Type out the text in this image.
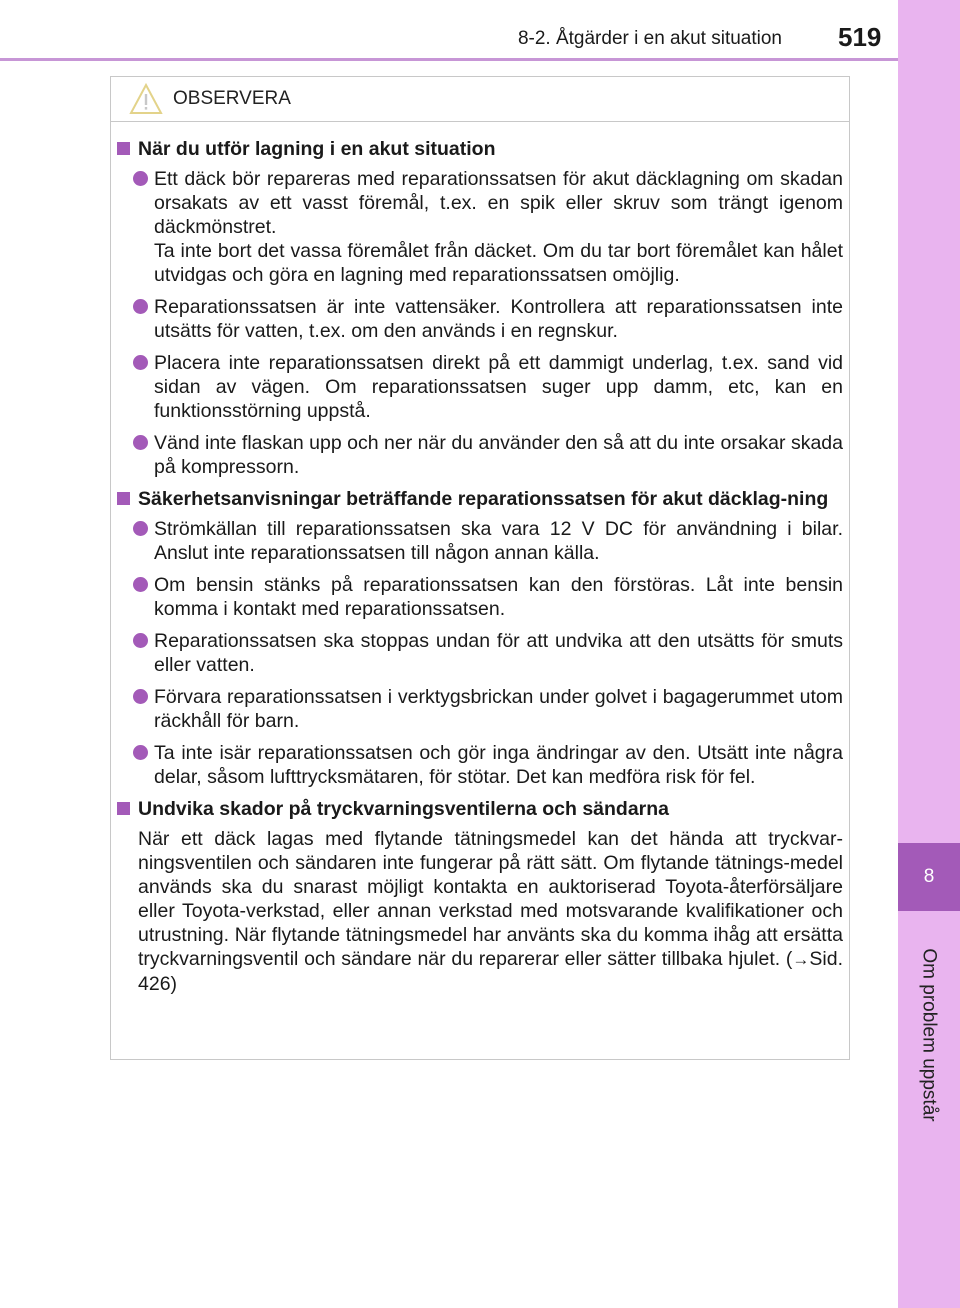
8-2. Åtgärder i en akut situation 519
8
Om problem uppstår
OBSERVERA
När du utför lagning i en akut situation
Ett däck bör repareras med reparationssatsen för akut däcklagning om skadan orsakats av ett vasst föremål, t.ex. en spik eller skruv som trängt igenom däckmönstret.
Ta inte bort det vassa föremålet från däcket. Om du tar bort föremålet kan hålet utvidgas och göra en lagning med reparationssatsen omöjlig.
Reparationssatsen är inte vattensäker. Kontrollera att reparationssatsen inte utsätts för vatten, t.ex. om den används i en regnskur.
Placera inte reparationssatsen direkt på ett dammigt underlag, t.ex. sand vid sidan av vägen. Om reparationssatsen suger upp damm, etc, kan en funktionsstörning uppstå.
Vänd inte flaskan upp och ner när du använder den så att du inte orsakar skada på kompressorn.
Säkerhetsanvisningar beträffande reparationssatsen för akut däcklag-ning
Strömkällan till reparationssatsen ska vara 12 V DC för användning i bilar. Anslut inte reparationssatsen till någon annan källa.
Om bensin stänks på reparationssatsen kan den förstöras. Låt inte bensin komma i kontakt med reparationssatsen.
Reparationssatsen ska stoppas undan för att undvika att den utsätts för smuts eller vatten.
Förvara reparationssatsen i verktygsbrickan under golvet i bagagerummet utom räckhåll för barn.
Ta inte isär reparationssatsen och gör inga ändringar av den. Utsätt inte några delar, såsom lufttrycksmätaren, för stötar. Det kan medföra risk för fel.
Undvika skador på tryckvarningsventilerna och sändarna
När ett däck lagas med flytande tätningsmedel kan det hända att tryckvar-ningsventilen och sändaren inte fungerar på rätt sätt. Om flytande tätnings-medel används ska du snarast möjligt kontakta en auktoriserad Toyota-återförsäljare eller Toyota-verkstad, eller annan verkstad med motsvarande kvalifikationer och utrustning. När flytande tätningsmedel har använts ska du komma ihåg att ersätta tryckvarningsventil och sändare när du reparerar eller sätter tillbaka hjulet. (→Sid. 426)
